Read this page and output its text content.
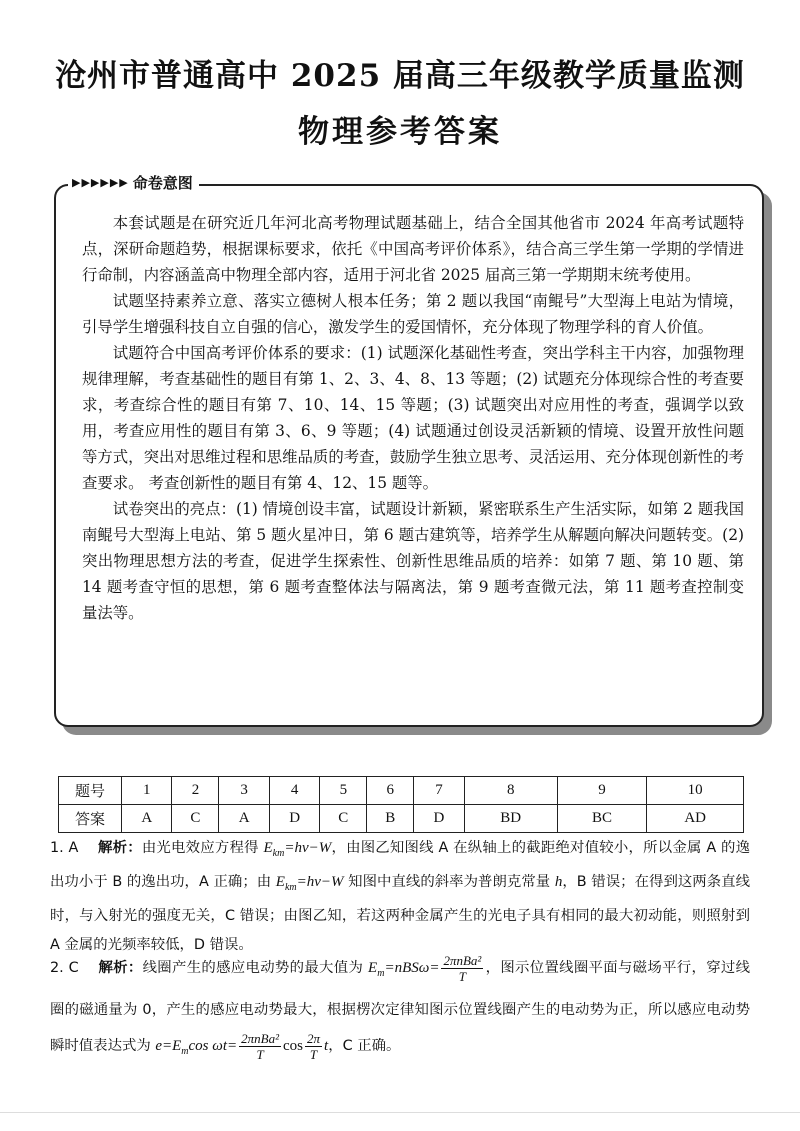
沧州市普通高中 2025 届高三年级教学质量监测
物理参考答案
▶▶▶▶▶▶ 命卷意图

本套试题是在研究近几年河北高考物理试题基础上，结合全国其他省市 2024 年高考试题特点，深研命题趋势，根据课标要求，依托《中国高考评价体系》，结合高三学生第一学期的学情进行命制，内容涵盖高中物理全部内容，适用于河北省 2025 届高三第一学期期末统考使用。

试题坚持素养立意、落实立德树人根本任务；第 2 题以我国“南鲲号”大型海上电站为情境，引导学生增强科技自立自强的信心，激发学生的爱国情怀，充分体现了物理学科的育人价值。

试题符合中国高考评价体系的要求：(1) 试题深化基础性考查，突出学科主干内容，加强物理规律理解，考查基础性的题目有第 1、2、3、4、8、13 等题；(2) 试题充分体现综合性的考查要求，考查综合性的题目有第 7、10、14、15 等题；(3) 试题突出对应用性的考查，强调学以致用，考查应用性的题目有第 3、6、9 等题；(4) 试题通过创设灵活新颖的情境、设置开放性问题等方式，突出对思维过程和思维品质的考查，鼓励学生独立思考、灵活运用、充分体现创新性的考查要求。 考查创新性的题目有第 4、12、15 题等。

试卷突出的亮点：(1) 情境创设丰富，试题设计新颖，紧密联系生产生活实际，如第 2 题我国南鲲号大型海上电站、第 5 题火星冲日，第 6 题古建筑等，培养学生从解题向解决问题转变。(2) 突出物理思想方法的考查，促进学生探索性、创新性思维品质的培养：如第 7 题、第 10 题、第 14 题考查守恒的思想，第 6 题考查整体法与隔离法，第 9 题考查微元法，第 11 题考查控制变量法等。

题号	1	2	3	4	5	6	7	8	9	10
答案	A	C	A	D	C	B	D	BD	BC	AD
1. A 解析：由光电效应方程得 $E_{km}=h\nu-W$，由图乙知图线 A 在纵轴上的截距绝对值较小，所以金属 A 的逸出功小于 B 的逸出功，A 正确；由 $E_{km}=h\nu-W$ 知图中直线的斜率为普朗克常量 h，B 错误；在得到这两条直线时，与入射光的强度无关，C 错误；由图乙知，若这两种金属产生的光电子具有相同的最大初动能，则照射到 A 金属的光频率较低，D 错误。
2. C 解析：线圈产生的感应电动势的最大值为 $E_m=nBS\omega= \frac{\text{2πnBa²}}{T}$ ，图示位置线圈平面与磁场平行，穿过线圈的磁通量为 0，产生的感应电动势最大，根据楞次定律知图示位置线圈产生的电动势为正，所以感应电动势瞬时值表达式为 $e=E_m\cos$ $\omega t= \frac{\text{2πnBa²}}{T}$ $\cos \frac{2\pi}{T}$ t，C 正确。
